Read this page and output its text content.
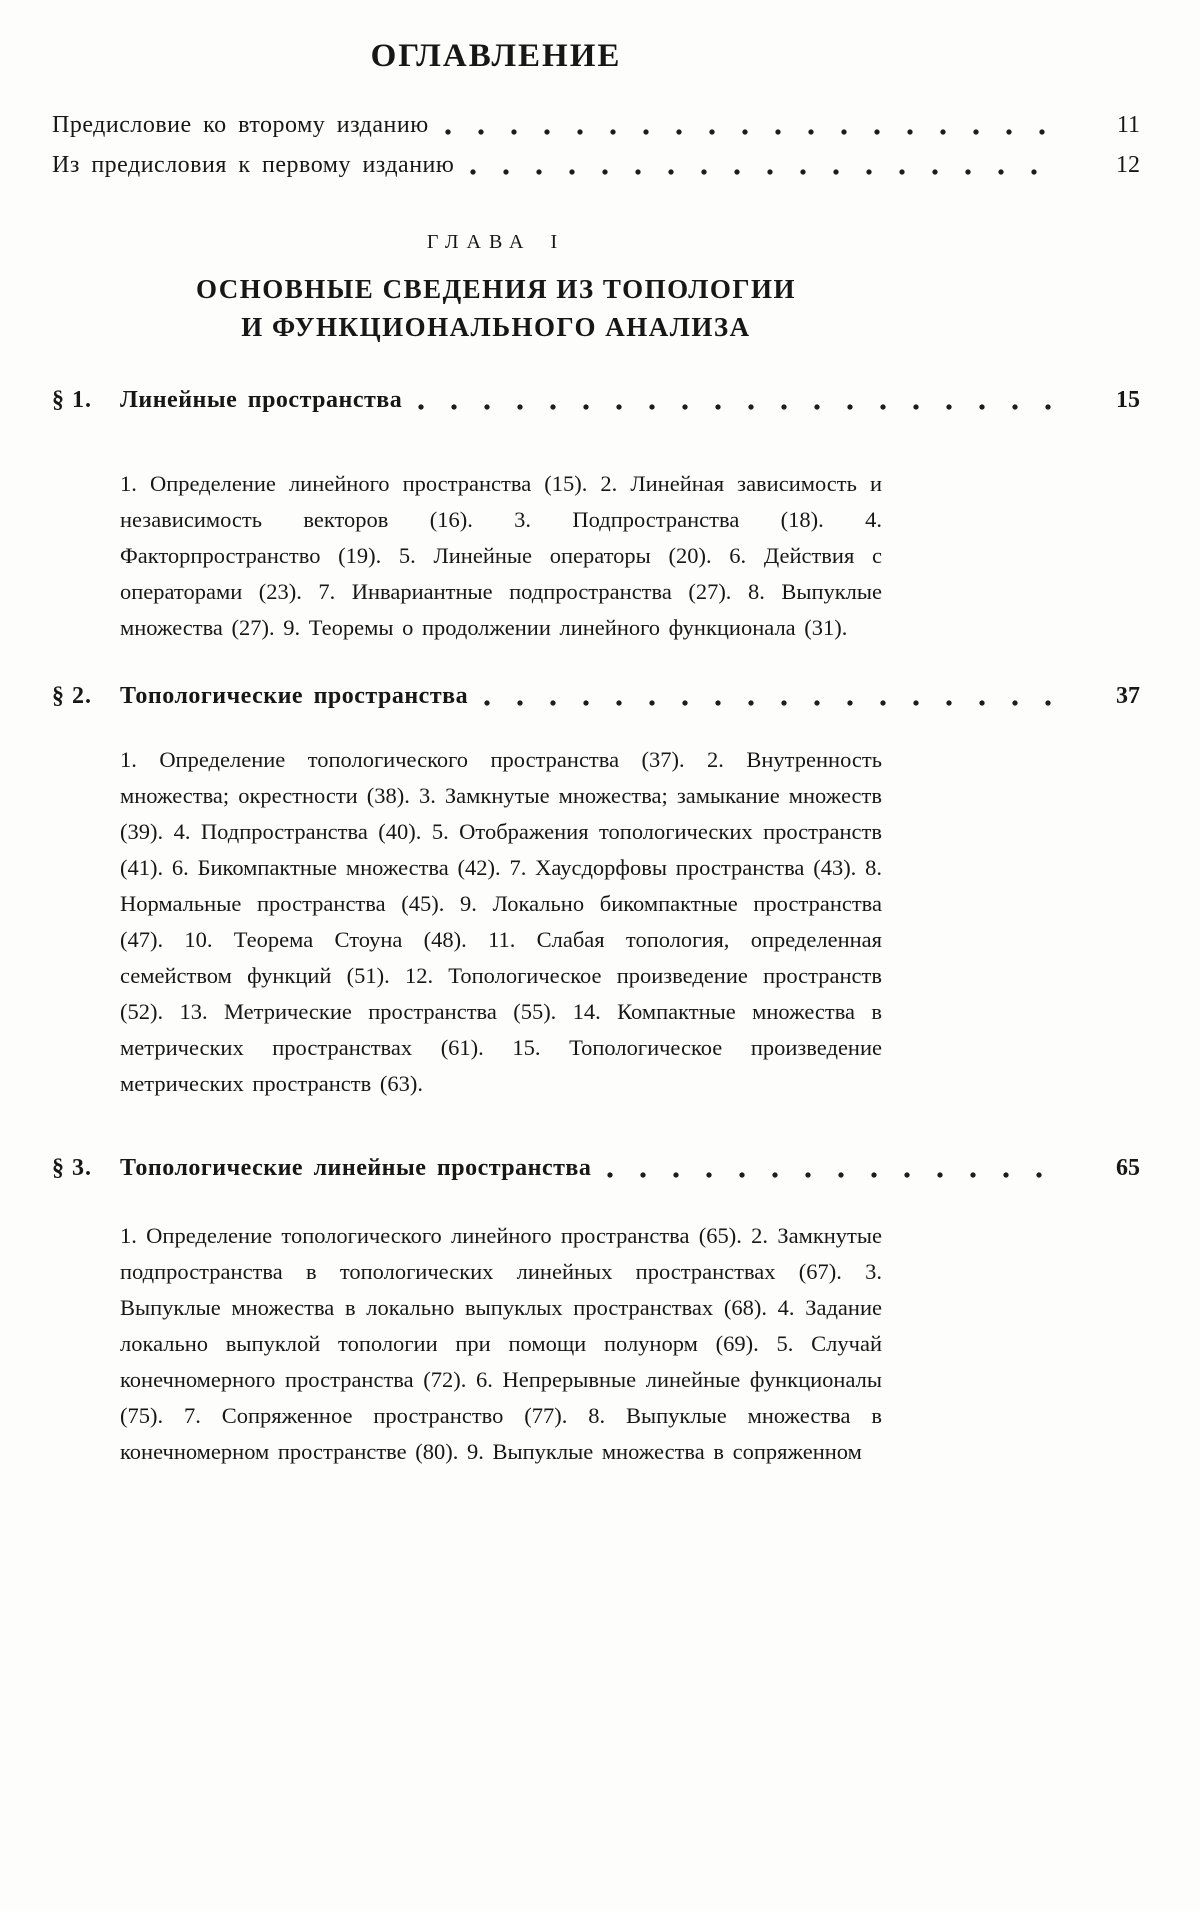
ОГЛАВЛЕНИЕ
Предисловие ко второму изданию	11
Из предисловия к первому изданию	12
ГЛАВА I
ОСНОВНЫЕ СВЕДЕНИЯ ИЗ ТОПОЛОГИИ
И ФУНКЦИОНАЛЬНОГО АНАЛИЗА
§ 1.	Линейные пространства	15

1. Определение линейного пространства (15). 2. Линейная зависимость и независимость векторов (16). 3. Подпространства (18). 4. Факторпространство (19). 5. Линейные операторы (20). 6. Действия с операторами (23). 7. Инвариантные подпространства (27). 8. Выпуклые множества (27). 9. Теоремы о продолжении линейного функционала (31).

§ 2.	Топологические пространства	37

1. Определение топологического пространства (37). 2. Внутренность множества; окрестности (38). 3. Замкнутые множества; замыкание множеств (39). 4. Подпространства (40). 5. Отображения топологических пространств (41). 6. Бикомпактные множества (42). 7. Хаусдорфовы пространства (43). 8. Нормальные пространства (45). 9. Локально бикомпактные пространства (47). 10. Теорема Стоуна (48). 11. Слабая топология, определенная семейством функций (51). 12. Топологическое произведение пространств (52). 13. Метрические пространства (55). 14. Компактные множества в метрических пространствах (61). 15. Топологическое произведение метрических пространств (63).

§ 3.	Топологические линейные пространства	65

1. Определение топологического линейного пространства (65). 2. Замкнутые подпространства в топологических линейных пространствах (67). 3. Выпуклые множества в локально выпуклых пространствах (68). 4. Задание локально выпуклой топологии при помощи полунорм (69). 5. Случай конечномерного пространства (72). 6. Непрерывные линейные функционалы (75). 7. Сопряженное пространство (77). 8. Выпуклые множества в конечномерном пространстве (80). 9. Выпуклые множества в сопряженном
